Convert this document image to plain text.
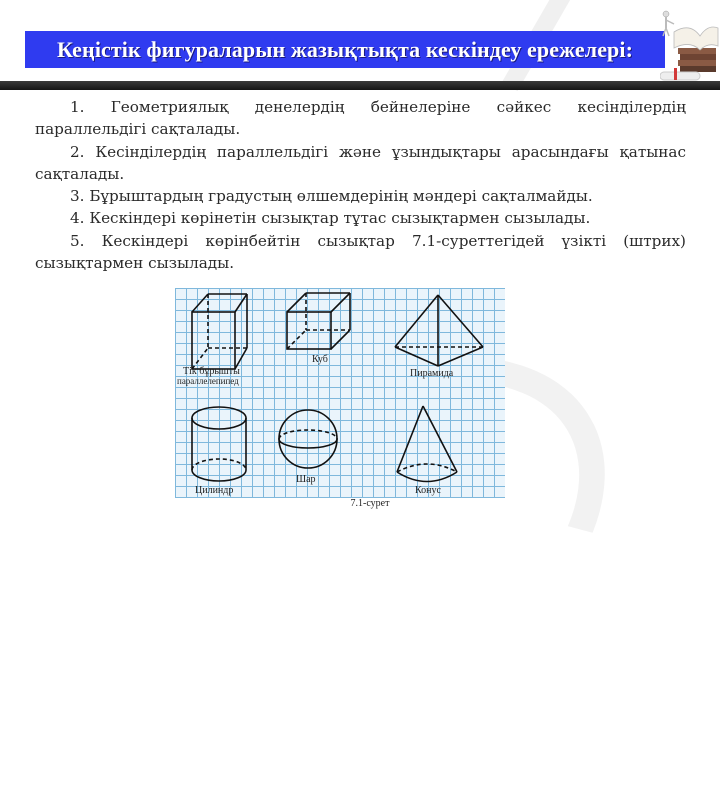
Кеңістік фигураларын жазықтықта кескіндеу ережелері:

1. Геометриялық денелердің бейнелеріне сәйкес кесінділердің параллельдігі сақталады.

2. Кесінділердің параллельдігі және ұзындықтары арасындағы қатынас сақталады.

3. Бұрыштардың градустың өлшемдерінің мәндері сақталмайды.

4. Кескіндері көрінетін сызықтар тұтас сызықтармен сызылады.

5. Кескіндері көрінбейтін сызықтар 7.1-суреттегідей үзікті (штрих) сызықтармен сызылады.

Тік бұрышты
параллелепипед
Куб
Пирамида
Цилиндр
Шар
Конус
7.1-сурет
